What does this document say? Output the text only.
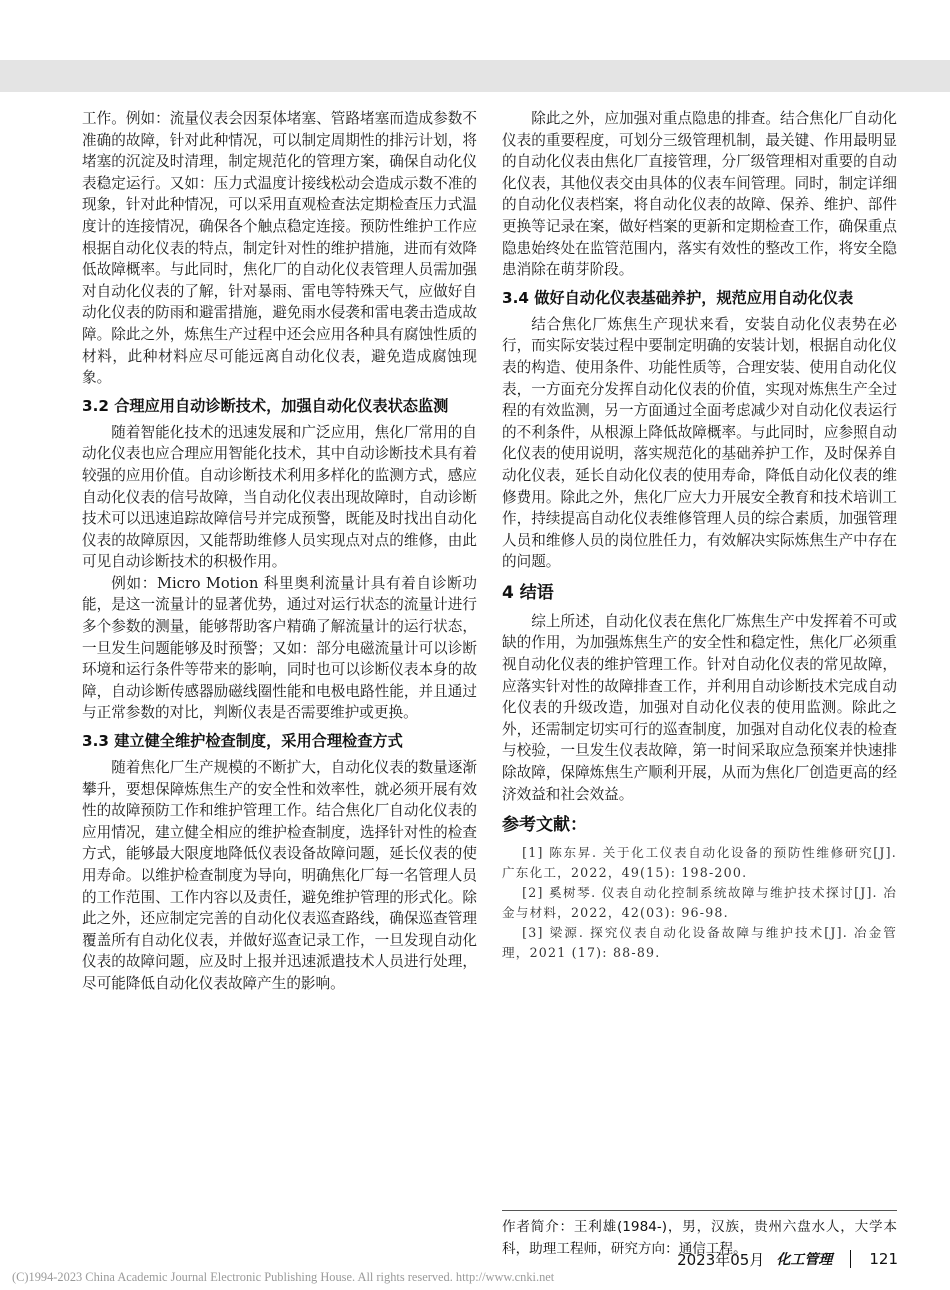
工作。例如：流量仪表会因泵体堵塞、管路堵塞而造成参数不准确的故障，针对此种情况，可以制定周期性的排污计划，将堵塞的沉淀及时清理，制定规范化的管理方案，确保自动化仪表稳定运行。又如：压力式温度计接线松动会造成示数不准的现象，针对此种情况，可以采用直观检查法定期检查压力式温度计的连接情况，确保各个触点稳定连接。预防性维护工作应根据自动化仪表的特点，制定针对性的维护措施，进而有效降低故障概率。与此同时，焦化厂的自动化仪表管理人员需加强对自动化仪表的了解，针对暴雨、雷电等特殊天气，应做好自动化仪表的防雨和避雷措施，避免雨水侵袭和雷电袭击造成故障。除此之外，炼焦生产过程中还会应用各种具有腐蚀性质的材料，此种材料应尽可能远离自动化仪表，避免造成腐蚀现象。

3.2 合理应用自动诊断技术，加强自动化仪表状态监测

随着智能化技术的迅速发展和广泛应用，焦化厂常用的自动化仪表也应合理应用智能化技术，其中自动诊断技术具有着较强的应用价值。自动诊断技术利用多样化的监测方式，感应自动化仪表的信号故障，当自动化仪表出现故障时，自动诊断技术可以迅速追踪故障信号并完成预警，既能及时找出自动化仪表的故障原因，又能帮助维修人员实现点对点的维修，由此可见自动诊断技术的积极作用。

例如：Micro Motion 科里奥利流量计具有着自诊断功能，是这一流量计的显著优势，通过对运行状态的流量计进行多个参数的测量，能够帮助客户精确了解流量计的运行状态，一旦发生问题能够及时预警；又如：部分电磁流量计可以诊断环境和运行条件等带来的影响，同时也可以诊断仪表本身的故障，自动诊断传感器励磁线圈性能和电极电路性能，并且通过与正常参数的对比，判断仪表是否需要维护或更换。

3.3 建立健全维护检查制度，采用合理检查方式

随着焦化厂生产规模的不断扩大，自动化仪表的数量逐渐攀升，要想保障炼焦生产的安全性和效率性，就必须开展有效性的故障预防工作和维护管理工作。结合焦化厂自动化仪表的应用情况，建立健全相应的维护检查制度，选择针对性的检查方式，能够最大限度地降低仪表设备故障问题，延长仪表的使用寿命。以维护检查制度为导向，明确焦化厂每一名管理人员的工作范围、工作内容以及责任，避免维护管理的形式化。除此之外，还应制定完善的自动化仪表巡查路线，确保巡查管理覆盖所有自动化仪表，并做好巡查记录工作，一旦发现自动化仪表的故障问题，应及时上报并迅速派遣技术人员进行处理，尽可能降低自动化仪表故障产生的影响。

除此之外，应加强对重点隐患的排查。结合焦化厂自动化仪表的重要程度，可划分三级管理机制，最关键、作用最明显的自动化仪表由焦化厂直接管理，分厂级管理相对重要的自动化仪表，其他仪表交由具体的仪表车间管理。同时，制定详细的自动化仪表档案，将自动化仪表的故障、保养、维护、部件更换等记录在案，做好档案的更新和定期检查工作，确保重点隐患始终处在监管范围内，落实有效性的整改工作，将安全隐患消除在萌芽阶段。

3.4 做好自动化仪表基础养护，规范应用自动化仪表

结合焦化厂炼焦生产现状来看，安装自动化仪表势在必行，而实际安装过程中要制定明确的安装计划，根据自动化仪表的构造、使用条件、功能性质等，合理安装、使用自动化仪表，一方面充分发挥自动化仪表的价值，实现对炼焦生产全过程的有效监测，另一方面通过全面考虑减少对自动化仪表运行的不利条件，从根源上降低故障概率。与此同时，应参照自动化仪表的使用说明，落实规范化的基础养护工作，及时保养自动化仪表，延长自动化仪表的使用寿命，降低自动化仪表的维修费用。除此之外，焦化厂应大力开展安全教育和技术培训工作，持续提高自动化仪表维修管理人员的综合素质，加强管理人员和维修人员的岗位胜任力，有效解决实际炼焦生产中存在的问题。

4 结语

综上所述，自动化仪表在焦化厂炼焦生产中发挥着不可或缺的作用，为加强炼焦生产的安全性和稳定性，焦化厂必须重视自动化仪表的维护管理工作。针对自动化仪表的常见故障，应落实针对性的故障排查工作，并利用自动诊断技术完成自动化仪表的升级改造，加强对自动化仪表的使用监测。除此之外，还需制定切实可行的巡查制度，加强对自动化仪表的检查与校验，一旦发生仪表故障，第一时间采取应急预案并快速排除故障，保障炼焦生产顺利开展，从而为焦化厂创造更高的经济效益和社会效益。

参考文献：

[1] 陈东昇. 关于化工仪表自动化设备的预防性维修研究[J]. 广东化工，2022，49(15): 198-200.

[2] 奚树琴. 仪表自动化控制系统故障与维护技术探讨[J]. 冶金与材料，2022，42(03): 96-98.

[3] 梁源. 探究仪表自动化设备故障与维护技术[J]. 冶金管理，2021 (17): 88-89.

作者简介：王利雄(1984-)，男，汉族，贵州六盘水人，大学本科，助理工程师，研究方向：通信工程。

2023年05月 化工管理 121
(C)1994-2023 China Academic Journal Electronic Publishing House. All rights reserved. http://www.cnki.net
